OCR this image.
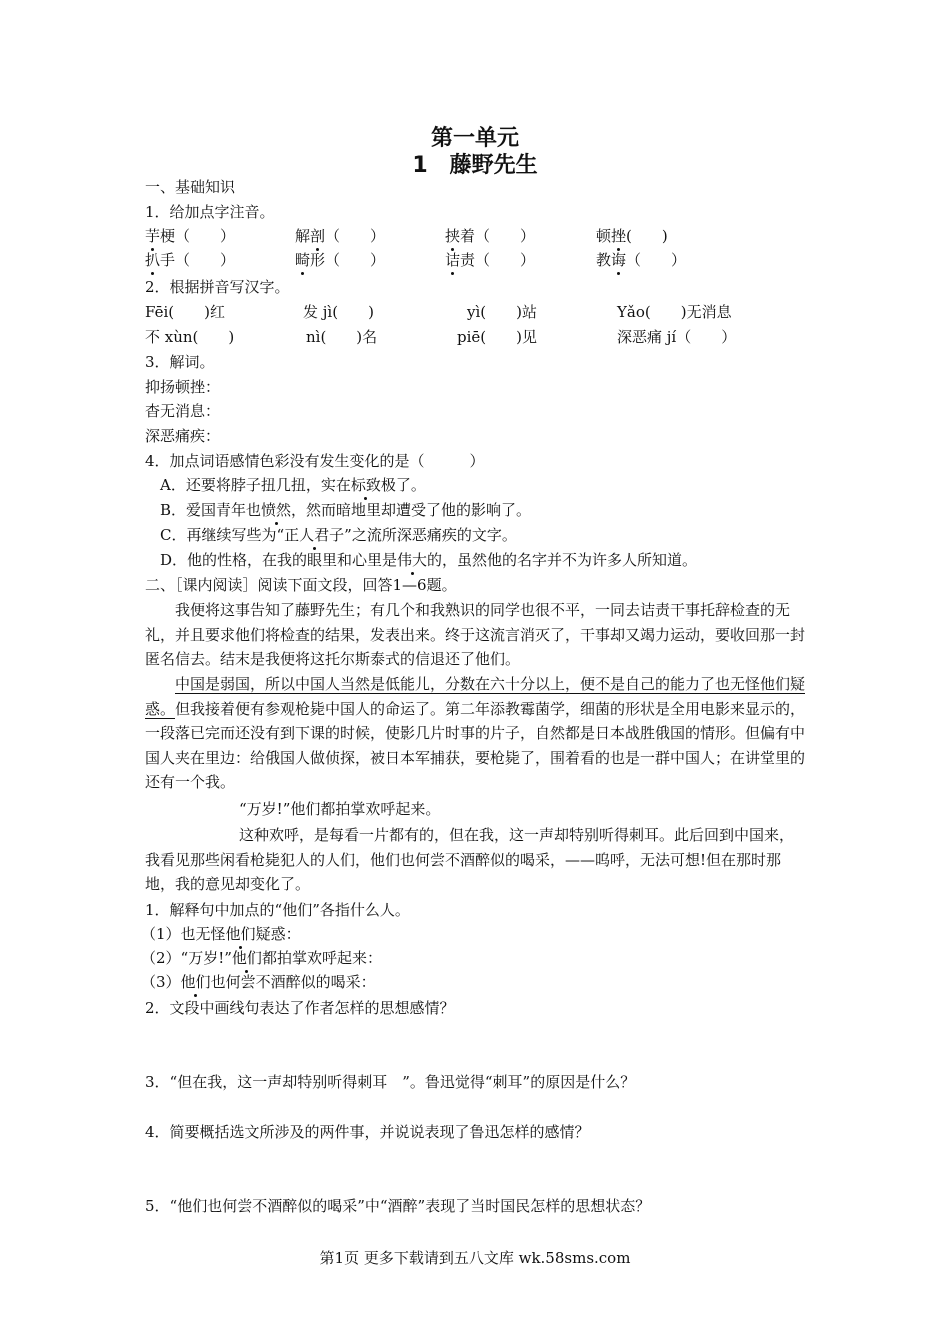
第一单元
1　藤野先生
一、基础知识
1．给加点字注音。
芋梗（　　）	解剖（　　）	挟着（　　）	顿挫(　　)
扒手（　　）	畸形（　　）	诘责（　　）	教诲（　　）
2．根据拼音写汉字。
Fēi(　　)红	发 jì(　　)	yì(　　)站	Yǎo(　　)无消息
不 xùn(　　)	nì(　　)名	piē(　　)见	深恶痛 jí（　　）
3．解词。
抑扬顿挫：
杳无消息：
深恶痛疾：
4．加点词语感情色彩没有发生变化的是（　　　）
A．还要将脖子扭几扭，实在标致极了。
B．爱国青年也愤然，然而暗地里却遭受了他的影响了。
C．再继续写些为“正人君子”之流所深恶痛疾的文字。
D．他的性格，在我的眼里和心里是伟大的，虽然他的名字并不为许多人所知道。
二、［课内阅读］阅读下面文段，回答1—6题。
我便将这事告知了藤野先生；有几个和我熟识的同学也很不平，一同去诘责干事托辞检查的无礼，并且要求他们将检查的结果，发表出来。终于这流言消灭了，干事却又竭力运动，要收回那一封匿名信去。结末是我便将这托尔斯泰式的信退还了他们。
中国是弱国，所以中国人当然是低能儿，分数在六十分以上，便不是自己的能力了也无怪他们疑惑。但我接着便有参观枪毙中国人的命运了。第二年添教霉菌学，细菌的形状是全用电影来显示的，一段落已完而还没有到下课的时候，使影几片时事的片子，自然都是日本战胜俄国的情形。但偏有中国人夹在里边：给俄国人做侦探，被日本军捕获，要枪毙了，围着看的也是一群中国人；在讲堂里的还有一个我。
“万岁!”他们都拍掌欢呼起来。
这种欢呼，是每看一片都有的，但在我，这一声却特别听得刺耳。此后回到中国来，我看见那些闲看枪毙犯人的人们，他们也何尝不酒醉似的喝采，——呜呼，无法可想!但在那时那地，我的意见却变化了。
1．解释句中加点的“他们”各指什么人。
（1）也无怪他们疑惑：
（2）“万岁!”他们都拍掌欢呼起来：
（3）他们也何尝不酒醉似的喝采：
2．文段中画线句表达了作者怎样的思想感情？
3．“但在我，这一声却特别听得刺耳　”。鲁迅觉得“刺耳”的原因是什么？
4．简要概括选文所涉及的两件事，并说说表现了鲁迅怎样的感情？
5．“他们也何尝不酒醉似的喝采”中“酒醉”表现了当时国民怎样的思想状态？
第1页 更多下载请到五八文库 wk.58sms.com
